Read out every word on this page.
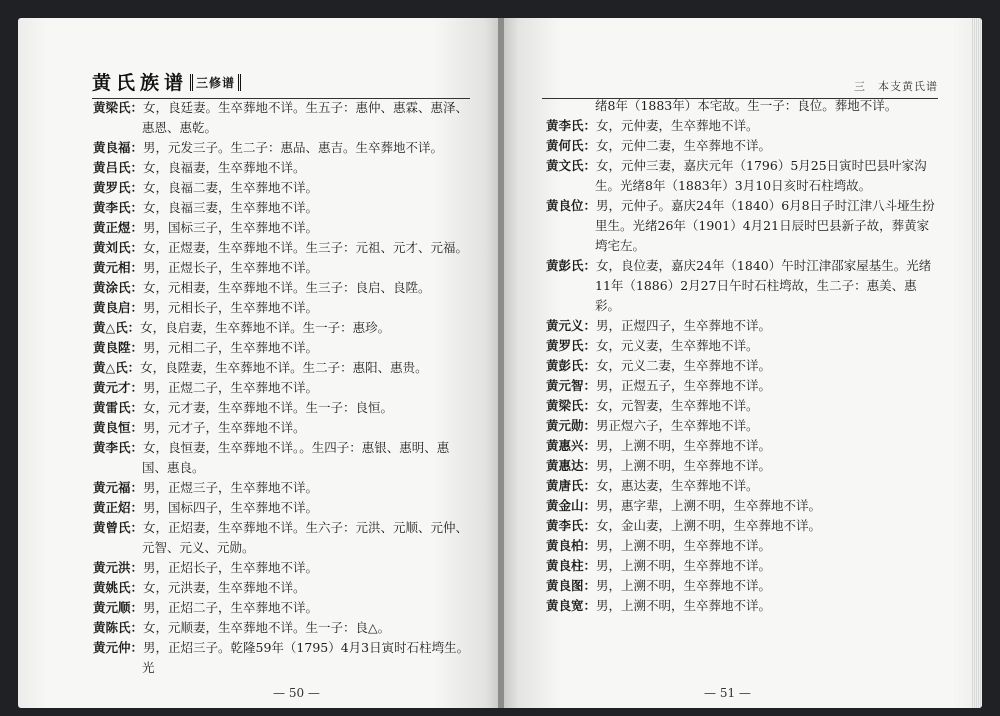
黄氏族谱 三修谱

黄梁氏：女，良廷妻。生卒葬地不详。生五子：惠仲、惠霖、惠泽、惠恩、惠乾。

黄良福：男，元发三子。生二子：惠品、惠吉。生卒葬地不详。

黄吕氏：女，良福妻，生卒葬地不详。

黄罗氏：女，良福二妻，生卒葬地不详。

黄李氏：女，良福三妻，生卒葬地不详。

黄正煜：男，国标三子，生卒葬地不详。

黄刘氏：女，正煜妻，生卒葬地不详。生三子：元祖、元才、元福。

黄元相：男，正煜长子，生卒葬地不详。

黄涂氏：女，元相妻，生卒葬地不详。生三子：良启、良陞。

黄良启：男，元相长子，生卒葬地不详。

黄△氏：女，良启妻，生卒葬地不详。生一子：惠珍。

黄良陞：男，元相二子，生卒葬地不详。

黄△氏：女，良陞妻，生卒葬地不详。生二子：惠阳、惠贵。

黄元才：男，正煜二子，生卒葬地不详。

黄雷氏：女，元才妻，生卒葬地不详。生一子：良恒。

黄良恒：男，元才子，生卒葬地不详。

黄李氏：女，良恒妻，生卒葬地不详。。生四子：惠银、惠明、惠国、惠良。

黄元福：男，正煜三子，生卒葬地不详。

黄正炤：男，国标四子，生卒葬地不详。

黄曾氏：女，正炤妻，生卒葬地不详。生六子：元洪、元顺、元仲、元智、元义、元勋。

黄元洪：男，正炤长子，生卒葬地不详。

黄姚氏：女，元洪妻，生卒葬地不详。

黄元顺：男，正炤二子，生卒葬地不详。

黄陈氏：女，元顺妻，生卒葬地不详。生一子：良△。

黄元仲：男，正炤三子。乾隆59年（1795）4月3日寅时石柱塆生。光

— 50 —
三　本支黄氏谱

绪8年（1883年）本宅故。生一子：良位。葬地不详。

黄李氏：女，元仲妻，生卒葬地不详。

黄何氏：女，元仲二妻，生卒葬地不详。

黄文氏：女，元仲三妻，嘉庆元年（1796）5月25日寅时巴县叶家沟生。光绪8年（1883年）3月10日亥时石柱塆故。

黄良位：男，元仲子。嘉庆24年（1840）6月8日子时江津八斗垭生扮里生。光绪26年（1901）4月21日辰时巴县新子故，葬黄家塆宅左。

黄彭氏：女，良位妻，嘉庆24年（1840）午时江津邵家屋基生。光绪11年（1886）2月27日午时石柱塆故，生二子：惠美、惠彩。

黄元义：男，正煜四子，生卒葬地不详。

黄罗氏：女，元义妻，生卒葬地不详。

黄彭氏：女，元义二妻，生卒葬地不详。

黄元智：男，正煜五子，生卒葬地不详。

黄梁氏：女，元智妻，生卒葬地不详。

黄元勋：男正煜六子，生卒葬地不详。

黄惠兴：男，上溯不明，生卒葬地不详。

黄惠达：男，上溯不明，生卒葬地不详。

黄唐氏：女，惠达妻，生卒葬地不详。

黄金山：男，惠字辈，上溯不明，生卒葬地不详。

黄李氏：女，金山妻，上溯不明，生卒葬地不详。

黄良柏：男，上溯不明，生卒葬地不详。

黄良柱：男，上溯不明，生卒葬地不详。

黄良图：男，上溯不明，生卒葬地不详。

黄良宽：男，上溯不明，生卒葬地不详。

— 51 —
